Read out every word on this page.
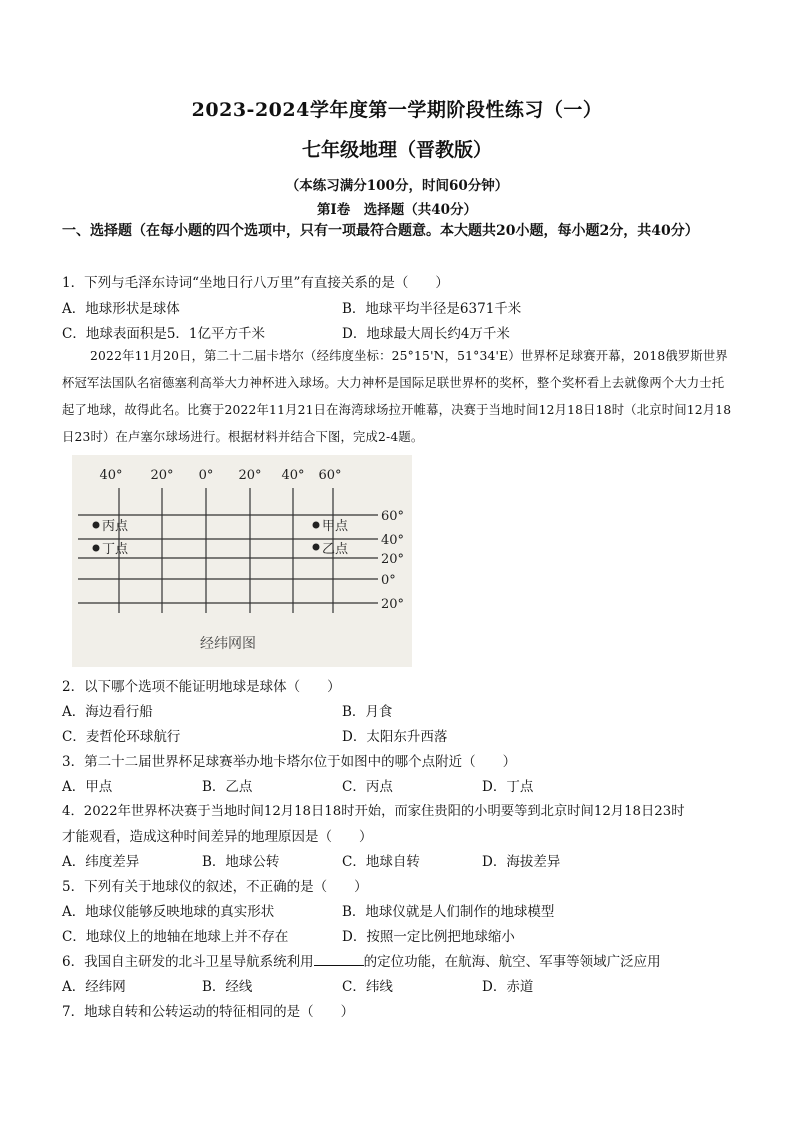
2023-2024学年度第一学期阶段性练习（一）
七年级地理（晋教版）
（本练习满分100分，时间60分钟）
第Ⅰ卷　选择题（共40分）
一、选择题（在每小题的四个选项中，只有一项最符合题意。本大题共20小题，每小题2分，共40分）
1．下列与毛泽东诗词“坐地日行八万里”有直接关系的是（　　）
A．地球形状是球体	B．地球平均半径是6371千米
C．地球表面积是5．1亿平方千米	D．地球最大周长约4万千米
2022年11月20日，第二十二届卡塔尔（经纬度坐标：25°15'N，51°34'E）世界杯足球赛开幕，2018俄罗斯世界杯冠军法国队名宿德塞利高举大力神杯进入球场。大力神杯是国际足联世界杯的奖杯，整个奖杯看上去就像两个大力士托起了地球，故得此名。比赛于2022年11月21日在海湾球场拉开帷幕，决赛于当地时间12月18日18时（北京时间12月18日23时）在卢塞尔球场进行。根据材料并结合下图，完成2-4题。
40° 20° 0° 20° 40° 60°
60°
40°
20°
0°
20°
丙点
丁点
甲点
乙点
经纬网图
2．以下哪个选项不能证明地球是球体（　　）
A．海边看行船	B．月食
C．麦哲伦环球航行	D．太阳东升西落
3．第二十二届世界杯足球赛举办地卡塔尔位于如图中的哪个点附近（　　）
A．甲点	B．乙点	C．丙点	D．丁点
4．2022年世界杯决赛于当地时间12月18日18时开始，而家住贵阳的小明要等到北京时间12月18日23时
才能观看，造成这种时间差异的地理原因是（　　）
A．纬度差异	B．地球公转	C．地球自转	D．海拔差异
5．下列有关于地球仪的叙述，不正确的是（　　）
A．地球仪能够反映地球的真实形状	B．地球仪就是人们制作的地球模型
C．地球仪上的地轴在地球上并不存在	D．按照一定比例把地球缩小
6．我国自主研发的北斗卫星导航系统利用	的定位功能，在航海、航空、军事等领域广泛应用
A．经纬网	B．经线	C．纬线	D．赤道
7．地球自转和公转运动的特征相同的是（　　）
